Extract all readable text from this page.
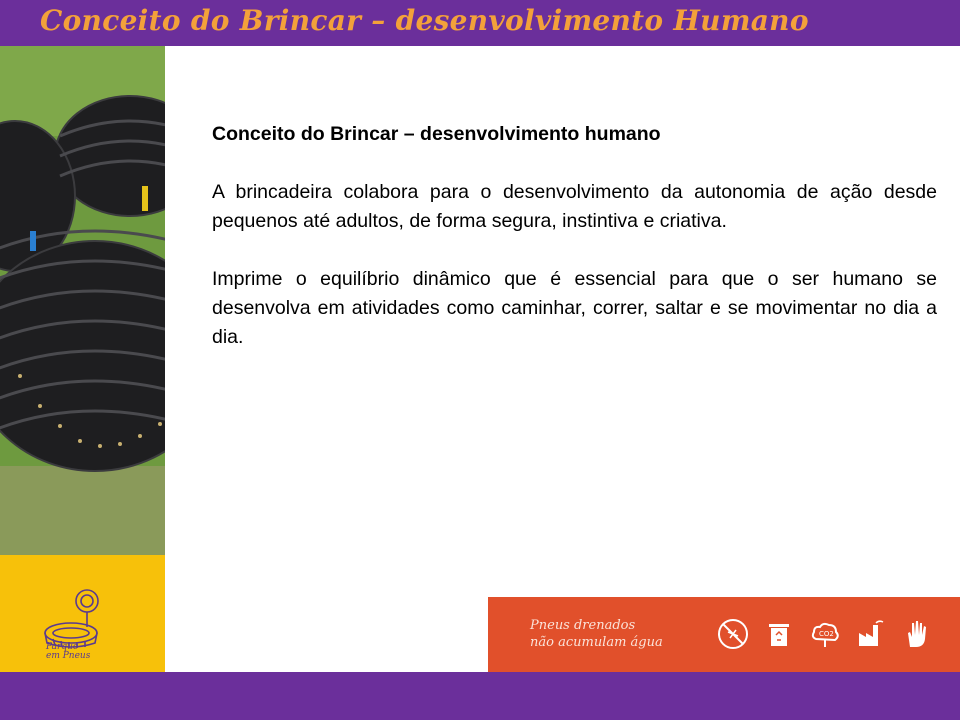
Conceito do Brincar – desenvolvimento Humano
Parque
em Pneus

Conceito do Brincar – desenvolvimento humano

A brincadeira colabora para o desenvolvimento da autonomia de ação desde pequenos até adultos, de forma segura, instintiva e criativa.

Imprime o equilíbrio dinâmico que é essencial para que o ser humano se desenvolva em atividades como caminhar, correr, saltar e se movimentar no dia a dia.

Pneus drenados
não acumulam água
CO2
